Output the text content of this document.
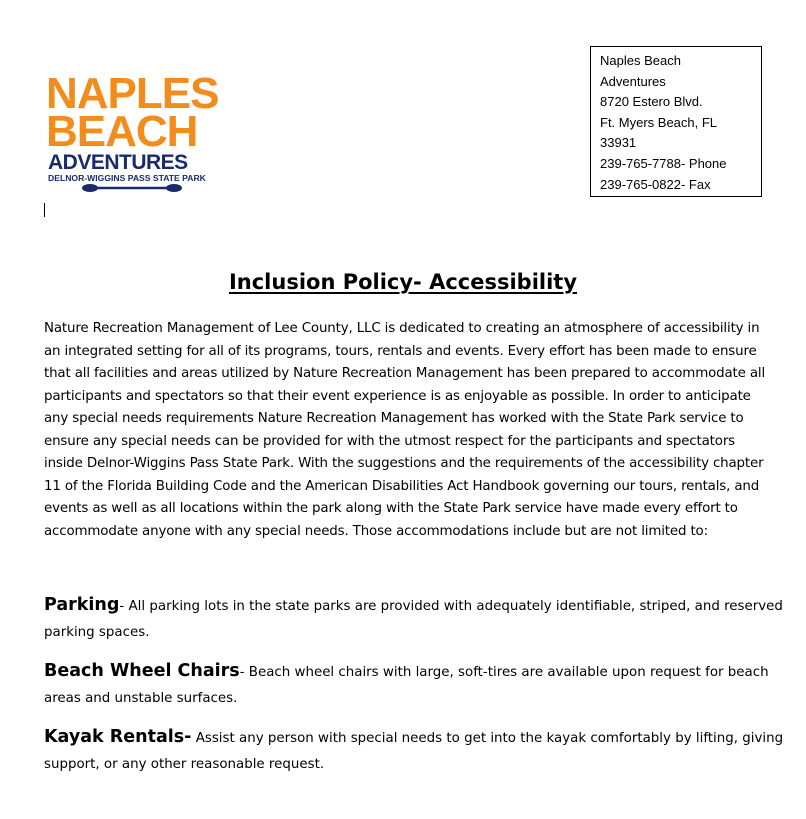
NAPLES
BEACH
ADVENTURES
DELNOR-WIGGINS PASS STATE PARK
Naples Beach
Adventures
8720 Estero Blvd.
Ft. Myers Beach, FL
33931
239-765-7788- Phone
239-765-0822- Fax
Inclusion Policy- Accessibility
Nature Recreation Management of Lee County, LLC is dedicated to creating an atmosphere of accessibility in
an integrated setting for all of its programs, tours, rentals and events. Every effort has been made to ensure
that all facilities and areas utilized by Nature Recreation Management has been prepared to accommodate all
participants and spectators so that their event experience is as enjoyable as possible. In order to anticipate
any special needs requirements Nature Recreation Management has worked with the State Park service to
ensure any special needs can be provided for with the utmost respect for the participants and spectators
inside Delnor-Wiggins Pass State Park. With the suggestions and the requirements of the accessibility chapter
11 of the Florida Building Code and the American Disabilities Act Handbook governing our tours, rentals, and
events as well as all locations within the park along with the State Park service have made every effort to
accommodate anyone with any special needs. Those accommodations include but are not limited to:
Parking- All parking lots in the state parks are provided with adequately identifiable, striped, and reserved
parking spaces.
Beach Wheel Chairs- Beach wheel chairs with large, soft-tires are available upon request for beach
areas and unstable surfaces.
Kayak Rentals- Assist any person with special needs to get into the kayak comfortably by lifting, giving
support, or any other reasonable request.
